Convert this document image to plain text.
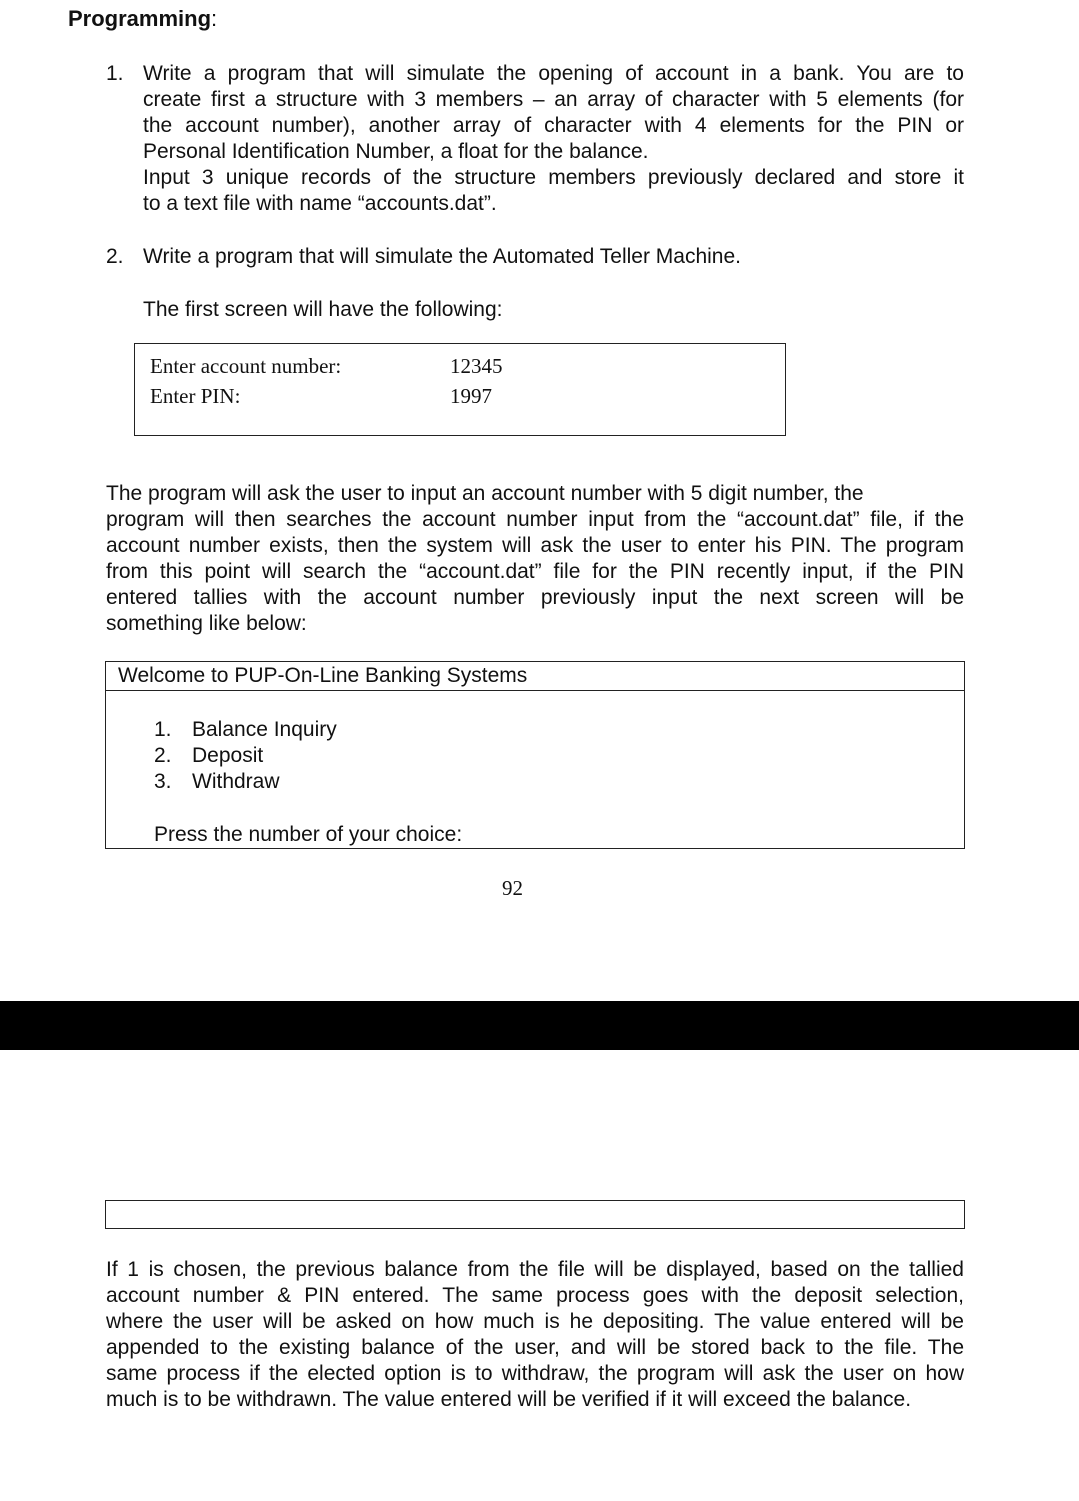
Programming:
1. Write a program that will simulate the opening of account in a bank. You are to
create first a structure with 3 members – an array of character with 5 elements (for
the account number), another array of character with 4 elements for the PIN or
Personal Identification Number, a float for the balance.
Input 3 unique records of the structure members previously declared and store it
to a text file with name “accounts.dat”.
2. Write a program that will simulate the Automated Teller Machine.
The first screen will have the following:
Enter account number:	12345
Enter PIN:	1997
The program will ask the user to input an account number with 5 digit number, the
program will then searches the account number input from the “account.dat” file, if the
account number exists, then the system will ask the user to enter his PIN. The program
from this point will search the “account.dat” file for the PIN recently input, if the PIN
entered tallies with the account number previously input the next screen will be
something like below:
Welcome to PUP-On-Line Banking Systems
1. Balance Inquiry
2. Deposit
3. Withdraw
Press the number of your choice:
92
If 1 is chosen, the previous balance from the file will be displayed, based on the tallied
account number & PIN entered. The same process goes with the deposit selection,
where the user will be asked on how much is he depositing. The value entered will be
appended to the existing balance of the user, and will be stored back to the file. The
same process if the elected option is to withdraw, the program will ask the user on how
much is to be withdrawn. The value entered will be verified if it will exceed the balance.
